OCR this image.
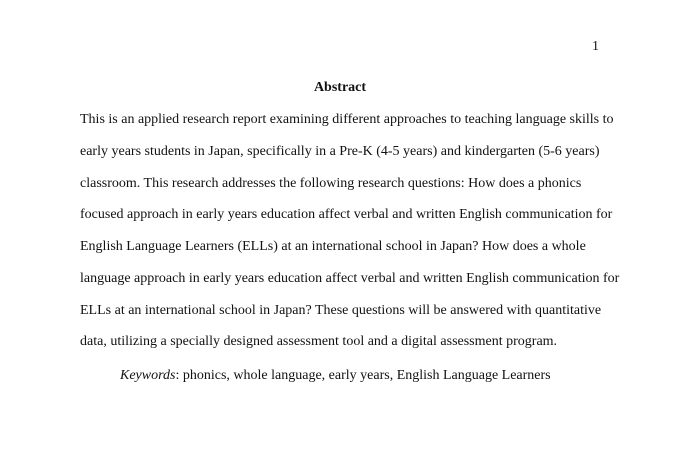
1
Abstract
This is an applied research report examining different approaches to teaching language skills to
early years students in Japan, specifically in a Pre-K (4-5 years) and kindergarten (5-6 years)
classroom. This research addresses the following research questions: How does a phonics
focused approach in early years education affect verbal and written English communication for
English Language Learners (ELLs) at an international school in Japan? How does a whole
language approach in early years education affect verbal and written English communication for
ELLs at an international school in Japan? These questions will be answered with quantitative
data, utilizing a specially designed assessment tool and a digital assessment program.
Keywords: phonics, whole language, early years, English Language Learners
